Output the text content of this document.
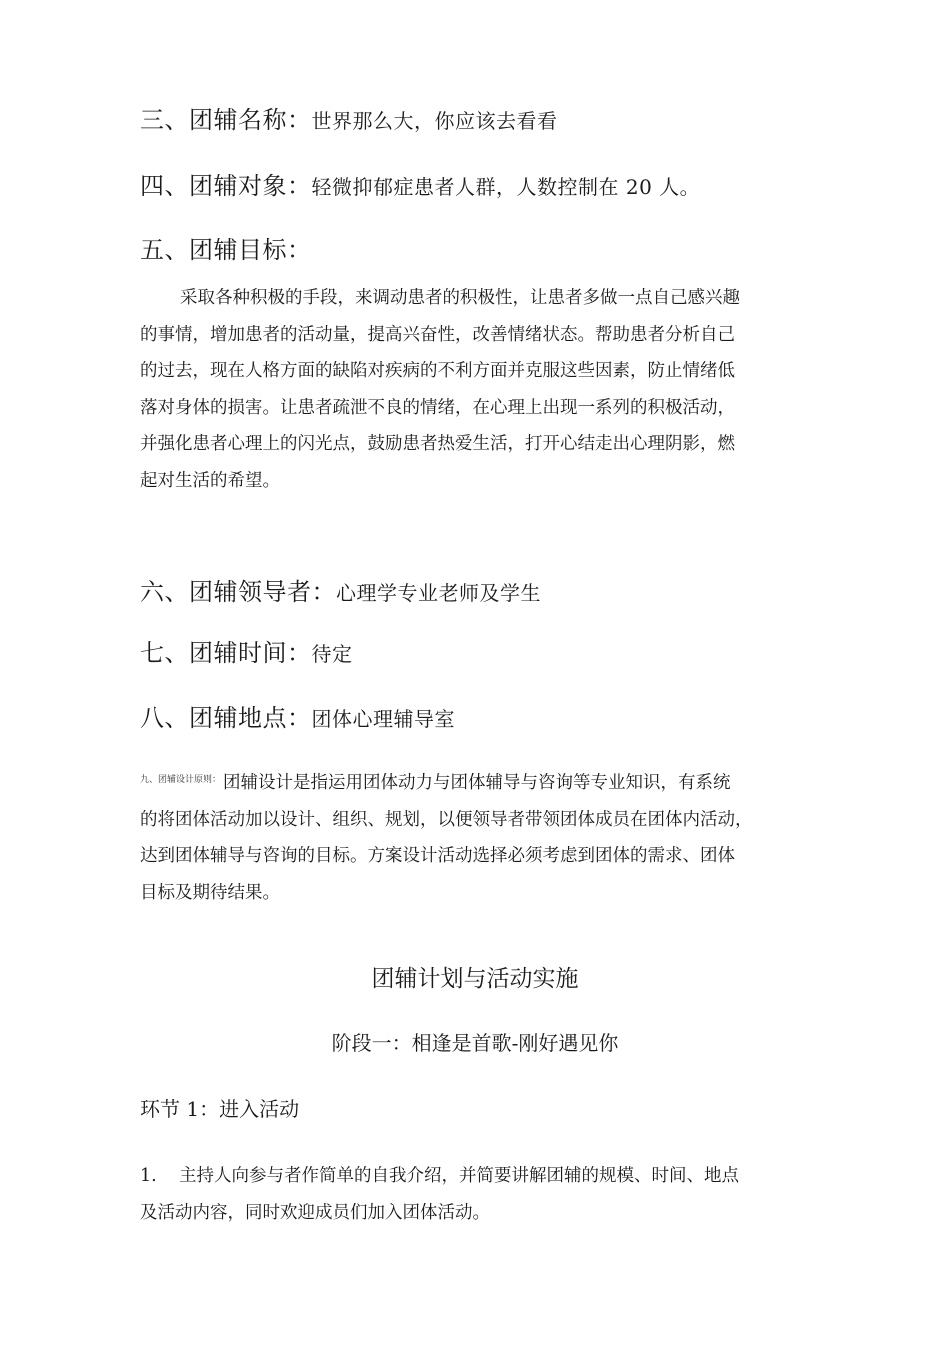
三、团辅名称：世界那么大，你应该去看看
四、团辅对象：轻微抑郁症患者人群，人数控制在 20 人。
五、团辅目标：
采取各种积极的手段，来调动患者的积极性，让患者多做一点自己感兴趣
的事情，增加患者的活动量，提高兴奋性，改善情绪状态。帮助患者分析自己
的过去，现在人格方面的缺陷对疾病的不利方面并克服这些因素，防止情绪低
落对身体的损害。让患者疏泄不良的情绪，在心理上出现一系列的积极活动，
并强化患者心理上的闪光点，鼓励患者热爱生活，打开心结走出心理阴影，燃
起对生活的希望。
六、团辅领导者：心理学专业老师及学生
七、团辅时间：待定
八、团辅地点：团体心理辅导室
$^{九、团辅设计原则:}$ 团辅设计是指运用团体动力与团体辅导与咨询等专业知识，有系统
的将团体活动加以设计、组织、规划，以便领导者带领团体成员在团体内活动，
达到团体辅导与咨询的目标。方案设计活动选择必须考虑到团体的需求、团体
目标及期待结果。
团辅计划与活动实施
阶段一：相逢是首歌-刚好遇见你
环节 1：进入活动
1.    主持人向参与者作简单的自我介绍，并简要讲解团辅的规模、时间、地点
及活动内容，同时欢迎成员们加入团体活动。
